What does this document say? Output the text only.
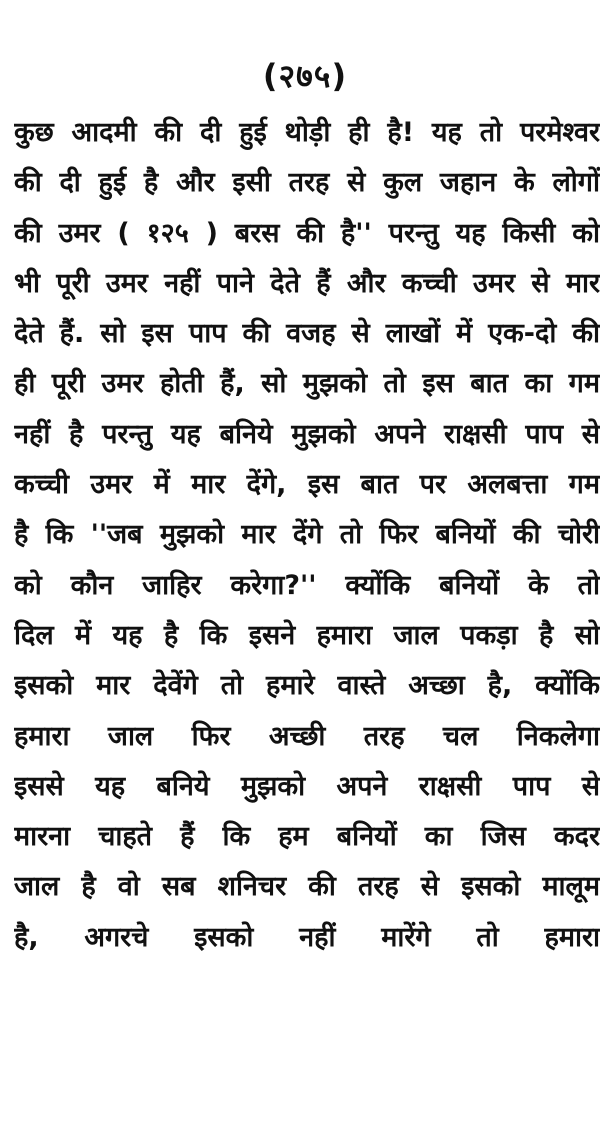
(२७५)
कुछ आदमी की दी हुई थोड़ी ही है! यह तो परमेश्वर
की दी हुई है और इसी तरह से कुल जहान के लोगों
की उमर ( १२५ ) बरस की है'' परन्तु यह किसी को
भी पूरी उमर नहीं पाने देते हैं और कच्ची उमर से मार
देते हैं. सो इस पाप की वजह से लाखों में एक-दो की
ही पूरी उमर होती हैं, सो मुझको तो इस बात का गम
नहीं है परन्तु यह बनिये मुझको अपने राक्षसी पाप से
कच्ची उमर में मार देंगे, इस बात पर अलबत्ता गम
है कि ''जब मुझको मार देंगे तो फिर बनियों की चोरी
को कौन जाहिर करेगा?'' क्योंकि बनियों के तो
दिल में यह है कि इसने हमारा जाल पकड़ा है सो
इसको मार देवेंगे तो हमारे वास्ते अच्छा है, क्योंकि
हमारा जाल फिर अच्छी तरह चल निकलेगा
इससे यह बनिये मुझको अपने राक्षसी पाप से
मारना चाहते हैं कि हम बनियों का जिस कदर
जाल है वो सब शनिचर की तरह से इसको मालूम
है, अगरचे इसको नहीं मारेंगे तो हमारा
